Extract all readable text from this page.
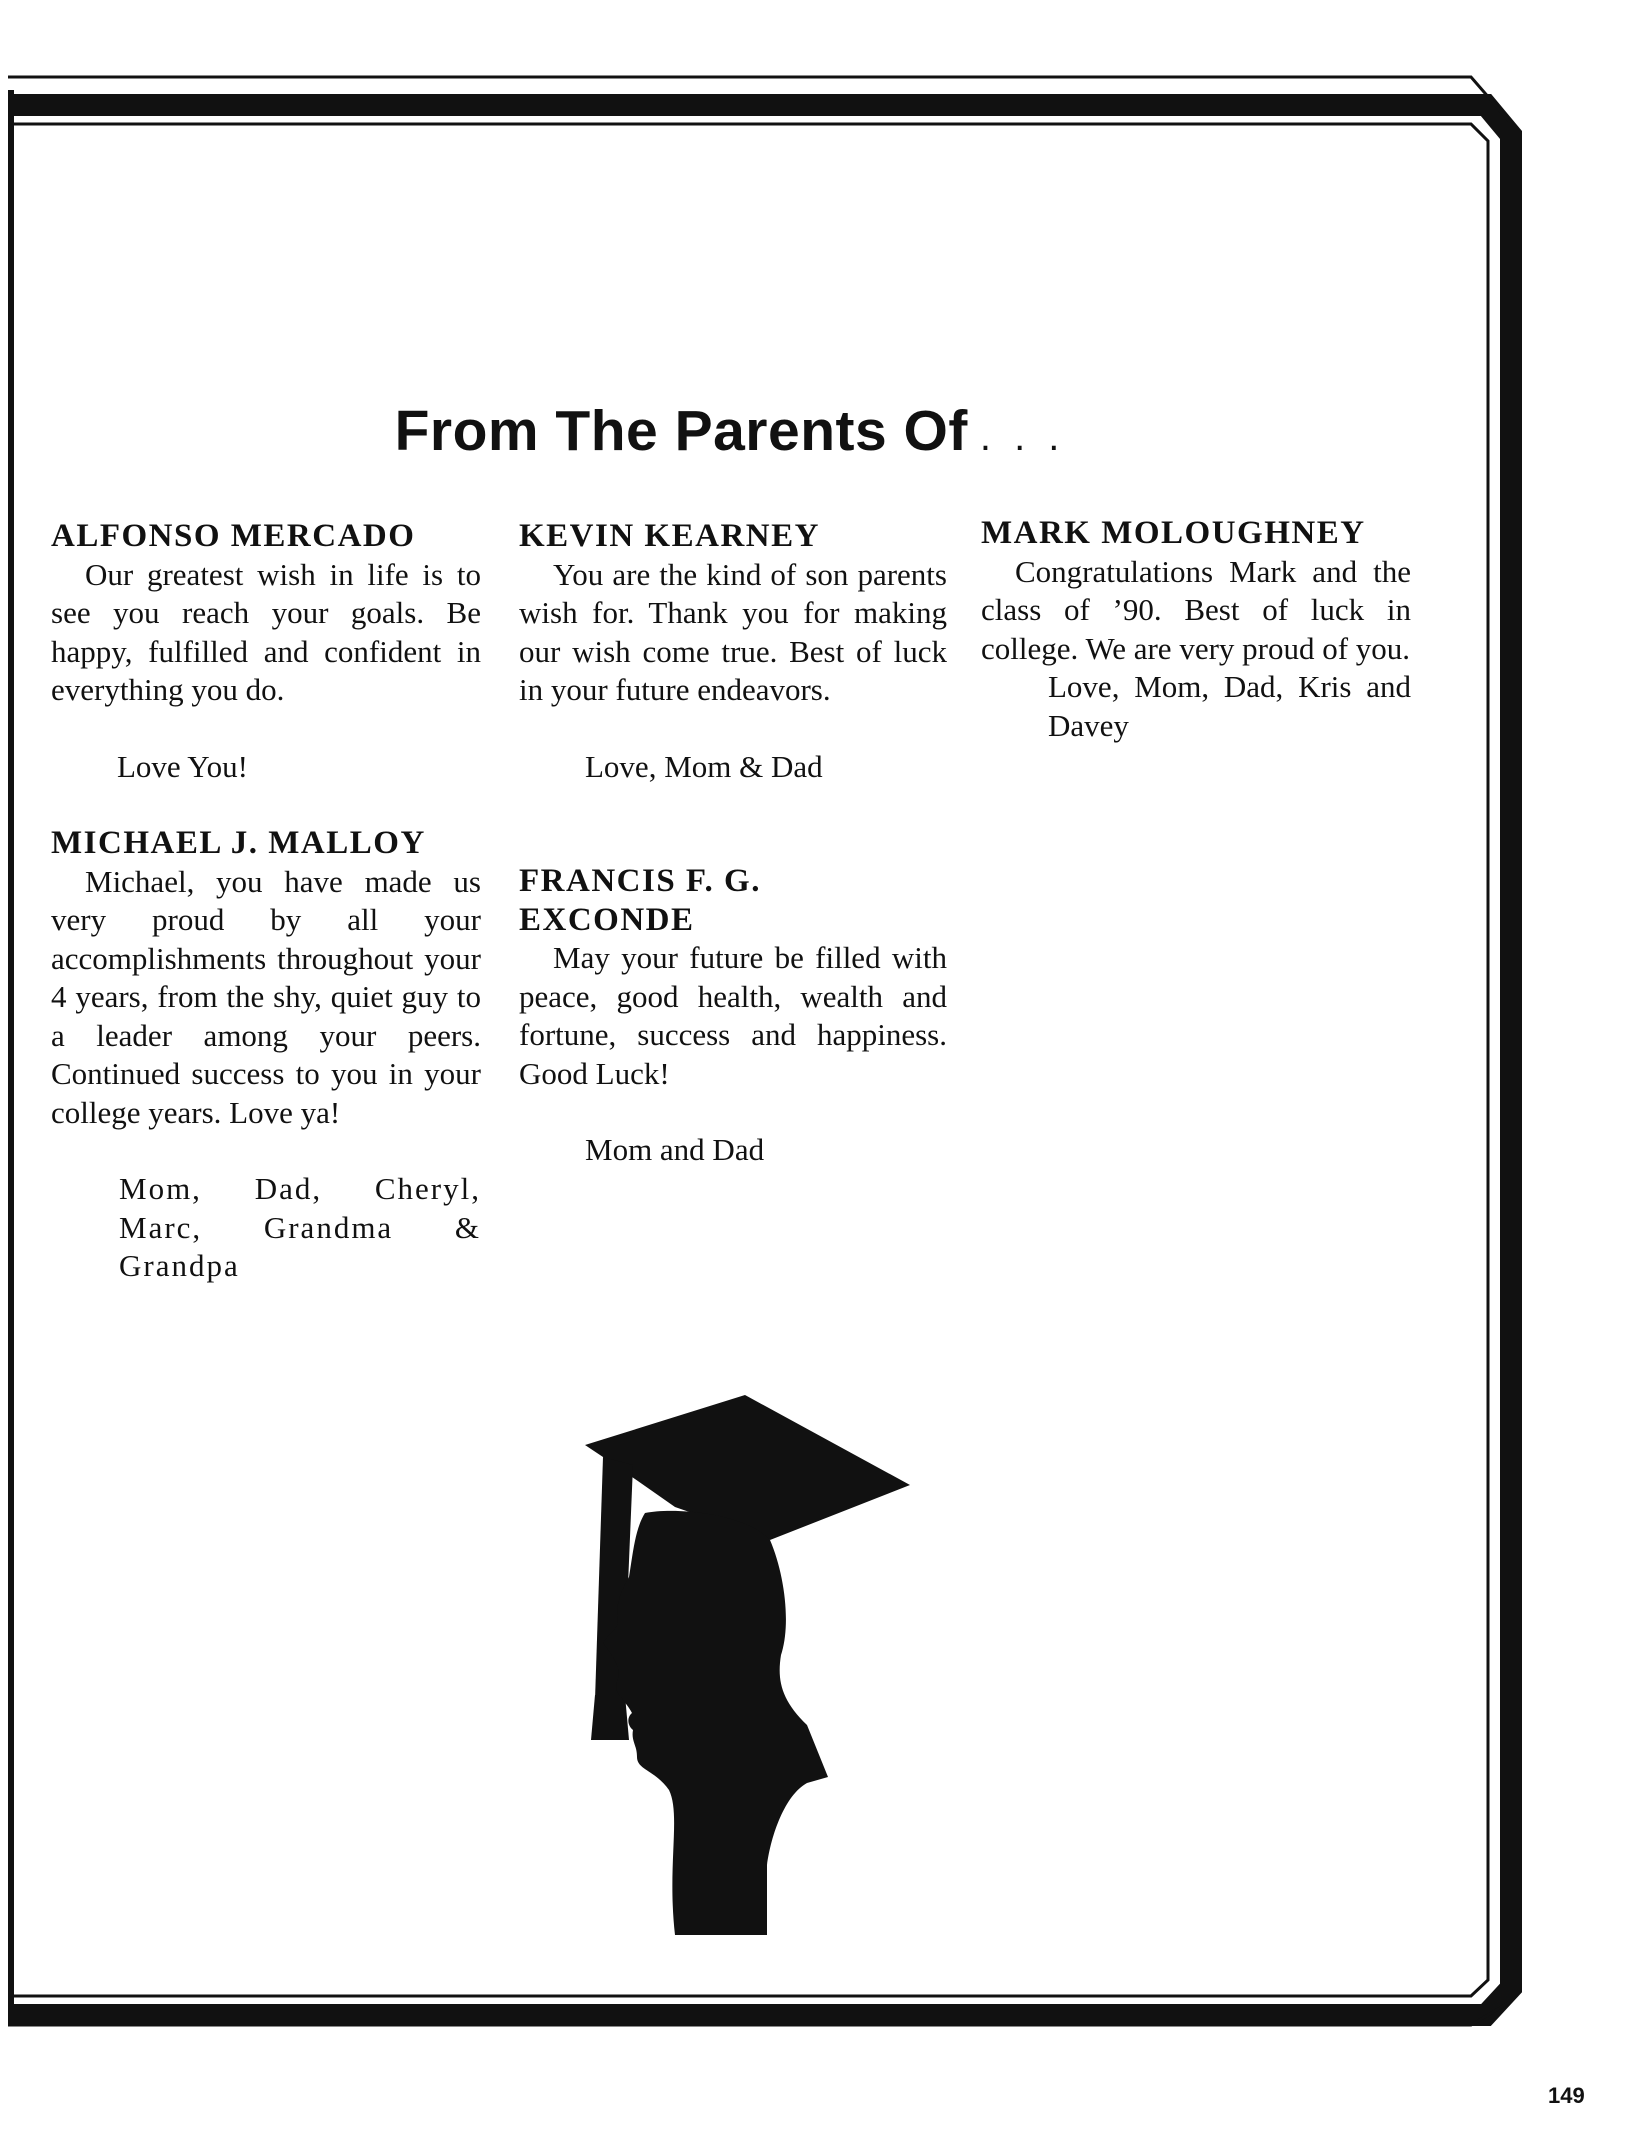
From The Parents Of . . .
ALFONSO MERCADO

Our greatest wish in life is to see you reach your goals. Be happy, fulfilled and confident in everything you do.

Love You!

MICHAEL J. MALLOY

Michael, you have made us very proud by all your accomplishments throughout your 4 years, from the shy, quiet guy to a leader among your peers. Continued success to you in your college years. Love ya!

Mom, Dad, Cheryl, Marc, Grandma & Grandpa

KEVIN KEARNEY

You are the kind of son parents wish for. Thank you for making our wish come true. Best of luck in your future endeavors.

Love, Mom & Dad

FRANCIS F. G. EXCONDE

May your future be filled with peace, good health, wealth and fortune, success and happiness. Good Luck!

Mom and Dad

MARK MOLOUGHNEY

Congratulations Mark and the class of ’90. Best of luck in college. We are very proud of you.

Love, Mom, Dad, Kris and Davey

149
